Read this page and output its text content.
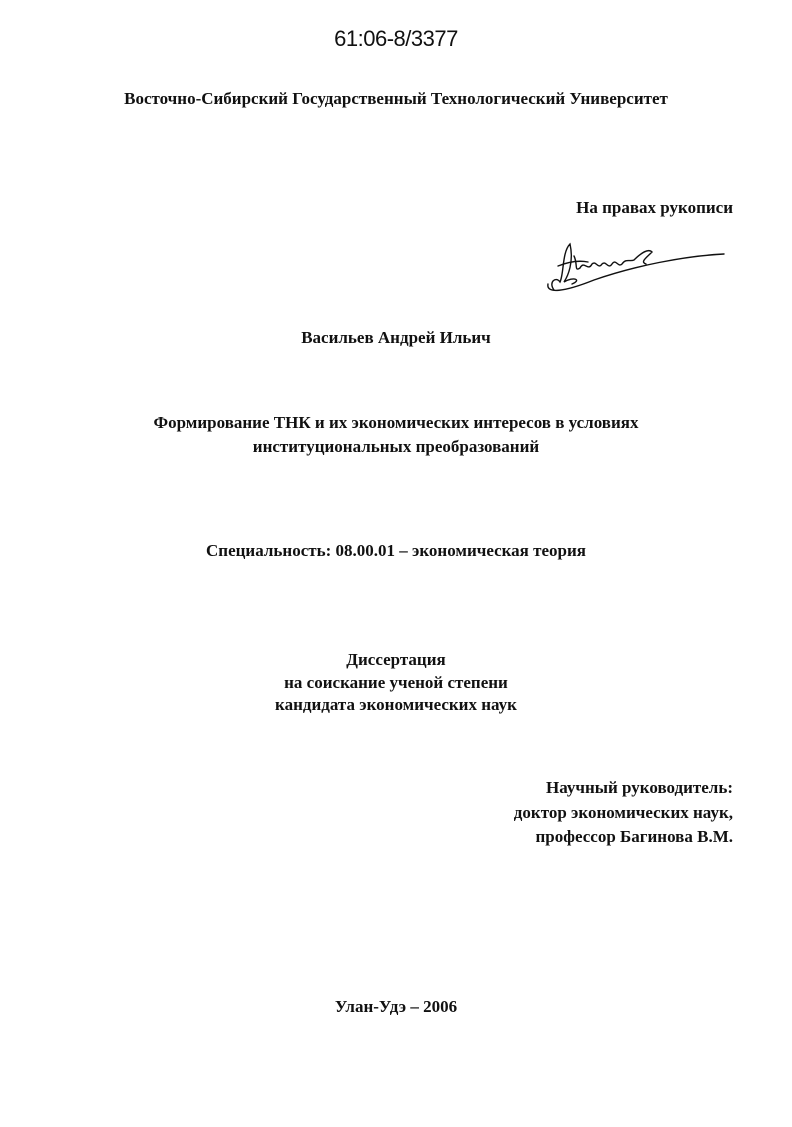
61:06-8/3377
Восточно-Сибирский Государственный Технологический Университет
На правах рукописи
Васильев Андрей Ильич
Формирование ТНК и их экономических интересов в условиях
институциональных преобразований
Специальность: 08.00.01 – экономическая теория
Диссертация
на соискание ученой степени
кандидата экономических наук
Научный руководитель:
доктор экономических наук,
профессор Багинова В.М.
Улан-Удэ – 2006
